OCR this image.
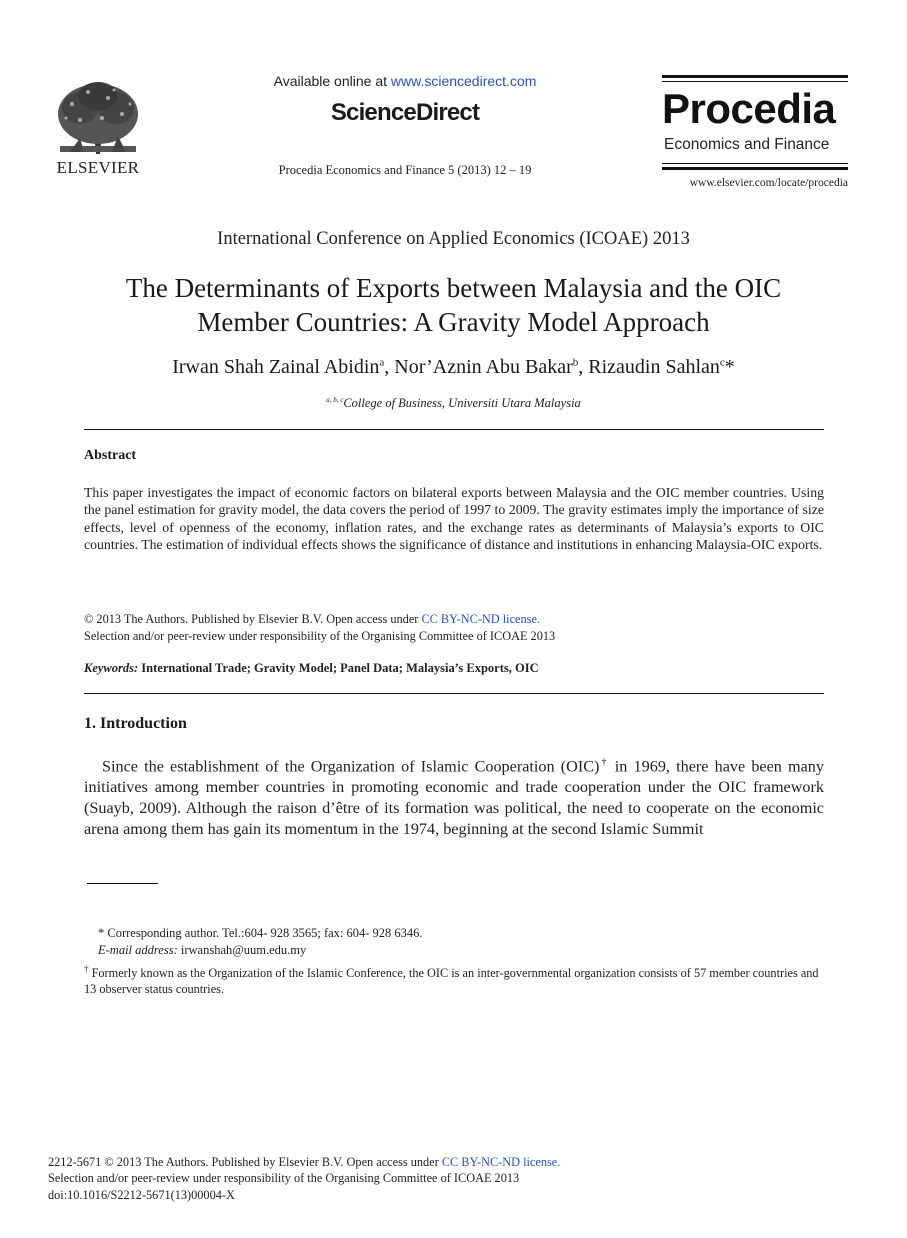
ELSEVIER
Available online at www.sciencedirect.com
ScienceDirect
Procedia Economics and Finance 5 (2013) 12 – 19
Procedia
Economics and Finance
www.elsevier.com/locate/procedia
International Conference on Applied Economics (ICOAE) 2013
The Determinants of Exports between Malaysia and the OIC
Member Countries: A Gravity Model Approach
Irwan Shah Zainal Abidin$^a$, Nor’Aznin Abu Bakar$^b$, Rizaudin Sahlan$^c$*
$^{a, b, c}$College of Business, Universiti Utara Malaysia
Abstract
This paper investigates the impact of economic factors on bilateral exports between Malaysia and the OIC member countries. Using the panel estimation for gravity model, the data covers the period of 1997 to 2009. The gravity estimates imply the importance of size effects, level of openness of the economy, inflation rates, and the exchange rates as determinants of Malaysia’s exports to OIC countries. The estimation of individual effects shows the significance of distance and institutions in enhancing Malaysia-OIC exports.
© 2013 The Authors. Published by Elsevier B.V. Open access under CC BY-NC-ND license.
Selection and/or peer-review under responsibility of the Organising Committee of ICOAE 2013
Keywords: International Trade; Gravity Model; Panel Data; Malaysia’s Exports, OIC
1. Introduction
Since the establishment of the Organization of Islamic Cooperation (OIC)† in 1969, there have been many initiatives among member countries in promoting economic and trade cooperation under the OIC framework (Suayb, 2009). Although the raison d’être of its formation was political, the need to cooperate on the economic arena among them has gain its momentum in the 1974, beginning at the second Islamic Summit
* Corresponding author. Tel.:604- 928 3565; fax: 604- 928 6346.
E-mail address: irwanshah@uum.edu.my
† Formerly known as the Organization of the Islamic Conference, the OIC is an inter-governmental organization consists of 57 member countries and 13 observer status countries.
2212-5671 © 2013 The Authors. Published by Elsevier B.V. Open access under CC BY-NC-ND license.
Selection and/or peer-review under responsibility of the Organising Committee of ICOAE 2013
doi:10.1016/S2212-5671(13)00004-X
